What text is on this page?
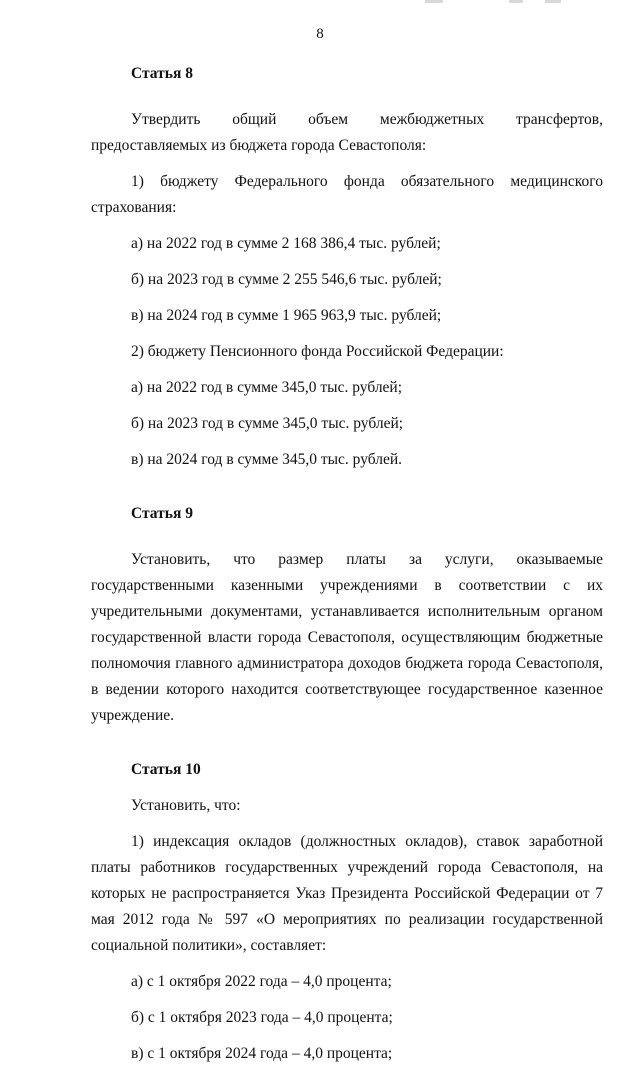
8
Статья 8

Утвердить общий объем межбюджетных трансфертов, предоставляемых из бюджета города Севастополя:

1) бюджету Федерального фонда обязательного медицинского страхования:

а) на 2022 год в сумме 2 168 386,4 тыс. рублей;

б) на 2023 год в сумме 2 255 546,6 тыс. рублей;

в) на 2024 год в сумме 1 965 963,9 тыс. рублей;

2) бюджету Пенсионного фонда Российской Федерации:

а) на 2022 год в сумме 345,0 тыс. рублей;

б) на 2023 год в сумме 345,0 тыс. рублей;

в) на 2024 год в сумме 345,0 тыс. рублей.

Статья 9

Установить, что размер платы за услуги, оказываемые государственными казенными учреждениями в соответствии с их учредительными документами, устанавливается исполнительным органом государственной власти города Севастополя, осуществляющим бюджетные полномочия главного администратора доходов бюджета города Севастополя, в ведении которого находится соответствующее государственное казенное учреждение.

Статья 10

Установить, что:

1) индексация окладов (должностных окладов), ставок заработной платы работников государственных учреждений города Севастополя, на которых не распространяется Указ Президента Российской Федерации от 7 мая 2012 года № 597 «О мероприятиях по реализации государственной социальной политики», составляет:

а) с 1 октября 2022 года – 4,0 процента;

б) с 1 октября 2023 года – 4,0 процента;

в) с 1 октября 2024 года – 4,0 процента;
